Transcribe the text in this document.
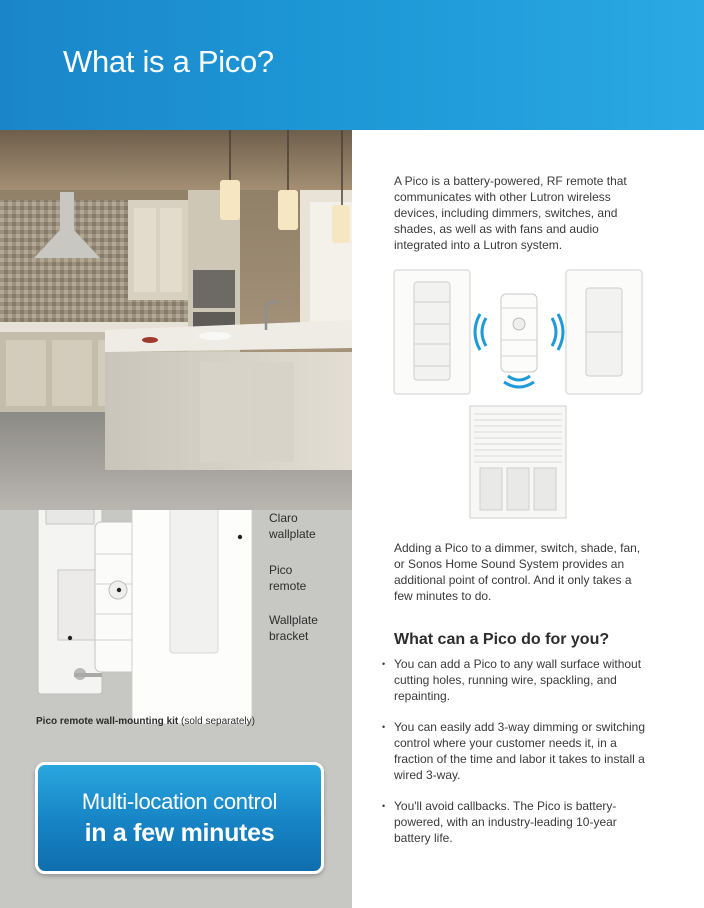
What is a Pico?
Claro wallplate
Pico remote
Wallplate bracket
Pico remote wall-mounting kit (sold separately)
Multi-location control
in a few minutes
A Pico is a battery-powered, RF remote that communicates with other Lutron wireless devices, including dimmers, switches, and shades, as well as with fans and audio integrated into a Lutron system.
Adding a Pico to a dimmer, switch, shade, fan, or Sonos Home Sound System provides an additional point of control. And it only takes a few minutes to do.
What can a Pico do for you?
• You can add a Pico to any wall surface without cutting holes, running wire, spackling, and repainting.
• You can easily add 3-way dimming or switching control where your customer needs it, in a fraction of the time and labor it takes to install a wired 3-way.
• You'll avoid callbacks. The Pico is battery-powered, with an industry-leading 10-year battery life.
